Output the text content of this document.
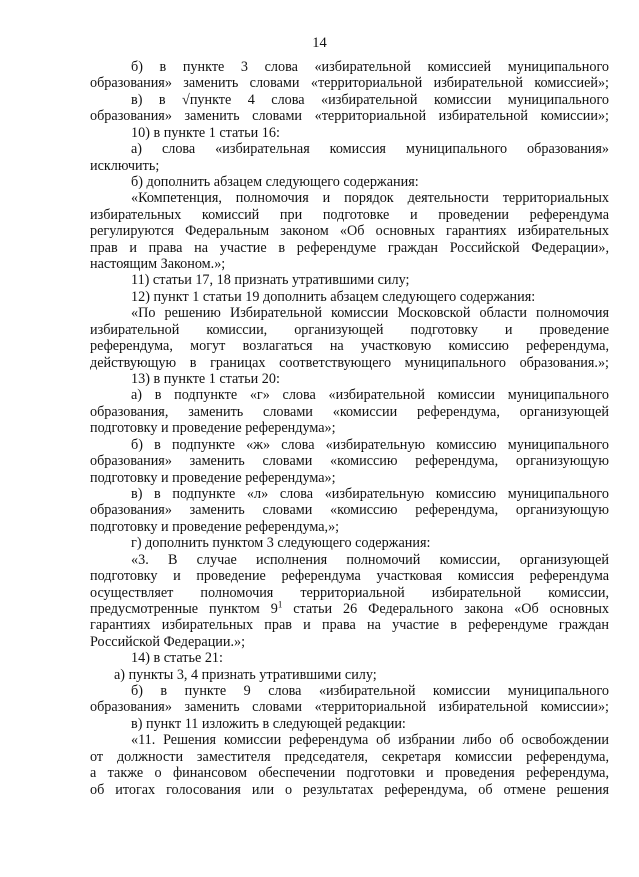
14
б) в пункте 3 слова «избирательной комиссией муниципального
образования» заменить словами «территориальной избирательной комиссией»;
в) в √пункте 4 слова «избирательной комиссии муниципального
образования» заменить словами «территориальной избирательной комиссии»;
10) в пункте 1 статьи 16:
а) слова «избирательная комиссия муниципального образования»
исключить;
б) дополнить абзацем следующего содержания:
«Компетенция, полномочия и порядок деятельности территориальных
избирательных комиссий при подготовке и проведении референдума
регулируются Федеральным законом «Об основных гарантиях избирательных
прав и права на участие в референдуме граждан Российской Федерации»,
настоящим Законом.»;
11) статьи 17, 18 признать утратившими силу;
12) пункт 1 статьи 19 дополнить абзацем следующего содержания:
«По решению Избирательной комиссии Московской области полномочия
избирательной комиссии, организующей подготовку и проведение
референдума, могут возлагаться на участковую комиссию референдума,
действующую в границах соответствующего муниципального образования.»;
13) в пункте 1 статьи 20:
а) в подпункте «г» слова «избирательной комиссии муниципального
образования, заменить словами «комиссии референдума, организующей
подготовку и проведение референдума»;
б) в подпункте «ж» слова «избирательную комиссию муниципального
образования» заменить словами «комиссию референдума, организующую
подготовку и проведение референдума»;
в) в подпункте «л» слова «избирательную комиссию муниципального
образования» заменить словами «комиссию референдума, организующую
подготовку и проведение референдума,»;
г) дополнить пунктом 3 следующего содержания:
«3. В случае исполнения полномочий комиссии, организующей
подготовку и проведение референдума участковая комиссия референдума
осуществляет полномочия территориальной избирательной комиссии,
предусмотренные пунктом $9^1$ статьи 26 Федерального закона «Об основных
гарантиях избирательных прав и права на участие в референдуме граждан
Российской Федерации.»;
14) в статье 21:
а) пункты 3, 4 признать утратившими силу;
б) в пункте 9 слова «избирательной комиссии муниципального
образования» заменить словами «территориальной избирательной комиссии»;
в) пункт 11 изложить в следующей редакции:
«11. Решения комиссии референдума об избрании либо об освобождении
от должности заместителя председателя, секретаря комиссии референдума,
а также о финансовом обеспечении подготовки и проведения референдума,
об итогах голосования или о результатах референдума, об отмене решения
